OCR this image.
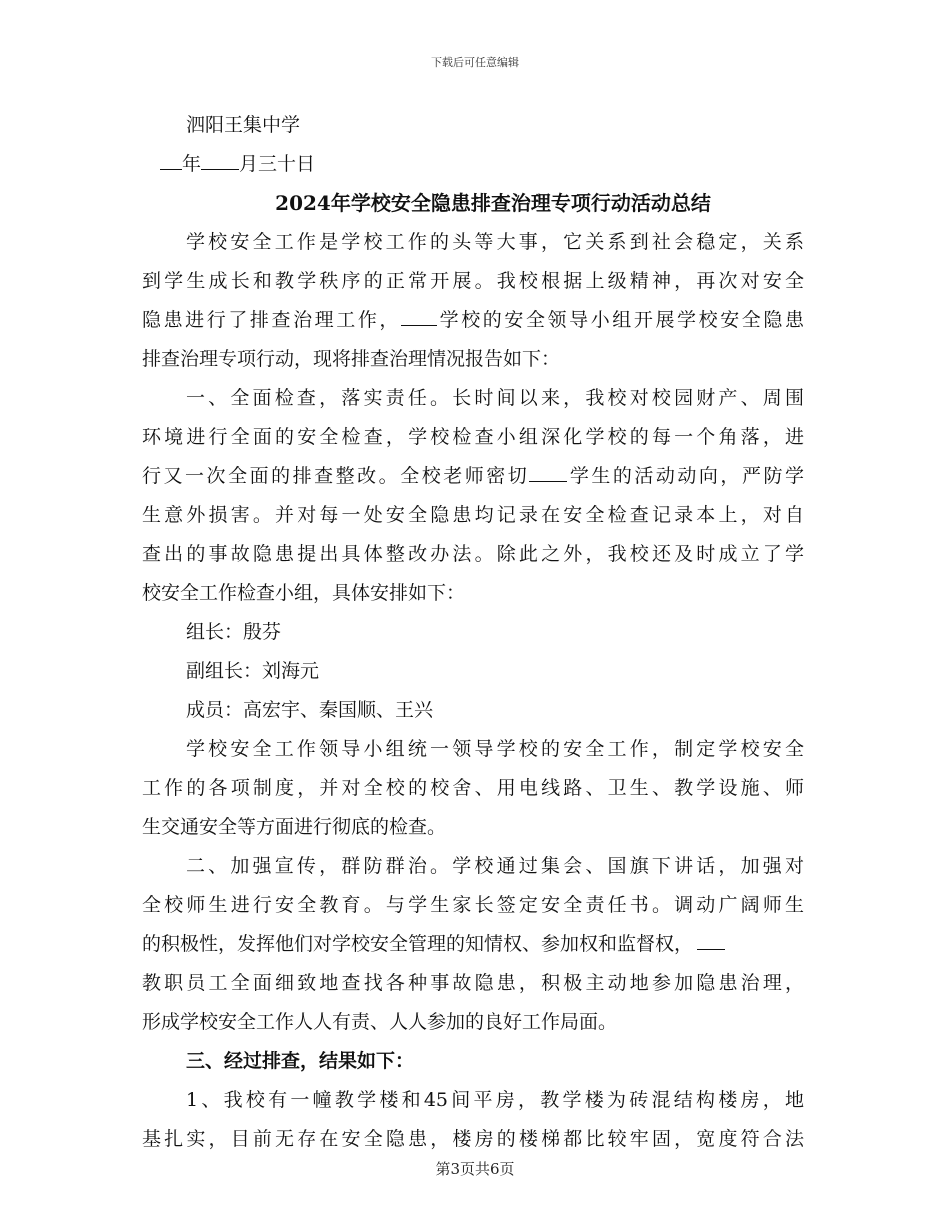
下载后可任意编辑
泗阳王集中学
年 月三十日
2024年学校安全隐患排查治理专项行动活动总结
学校安全工作是学校工作的头等大事，它关系到社会稳定，关系
到学生成长和教学秩序的正常开展。我校根据上级精神，再次对安全
隐患进行了排查治理工作， 学校的安全领导小组开展学校安全隐患
排查治理专项行动，现将排查治理情况报告如下：
一、全面检查，落实责任。长时间以来，我校对校园财产、周围
环境进行全面的安全检查，学校检查小组深化学校的每一个角落，进
行又一次全面的排查整改。全校老师密切 学生的活动动向，严防学
生意外损害。并对每一处安全隐患均记录在安全检查记录本上，对自
查出的事故隐患提出具体整改办法。除此之外，我校还及时成立了学
校安全工作检查小组，具体安排如下：
组长：殷芬
副组长：刘海元
成员：高宏宇、秦国顺、王兴
学校安全工作领导小组统一领导学校的安全工作，制定学校安全
工作的各项制度，并对全校的校舍、用电线路、卫生、教学设施、师
生交通安全等方面进行彻底的检查。
二、加强宣传，群防群治。学校通过集会、国旗下讲话，加强对
全校师生进行安全教育。与学生家长签定安全责任书。调动广阔师生
的积极性，发挥他们对学校安全管理的知情权、参加权和监督权，
教职员工全面细致地查找各种事故隐患，积极主动地参加隐患治理，
形成学校安全工作人人有责、人人参加的良好工作局面。
三、经过排查，结果如下：
1、我校有一幢教学楼和45间平房，教学楼为砖混结构楼房，地
基扎实，目前无存在安全隐患，楼房的楼梯都比较牢固，宽度符合法
第3页共6页
